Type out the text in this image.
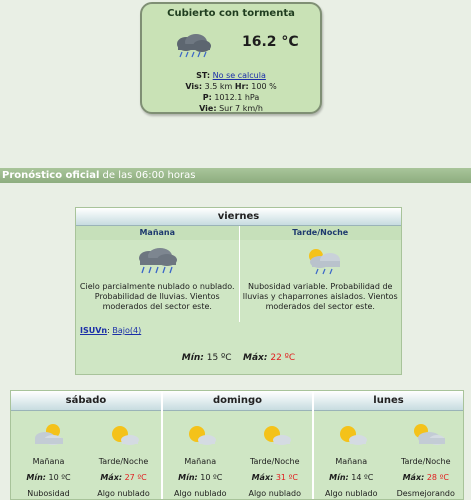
Cubierto con tormenta
16.2 °C
ST: No se calcula
Vis: 3.5 km Hr: 100 %
P: 1012.1 hPa
Vie: Sur 7 km/h
Pronóstico oficial de las 06:00 horas
viernes
Mañana
Cielo parcialmente nublado o nublado. Probabilidad de lluvias. Vientos moderados del sector este.
Tarde/Noche
Nubosidad variable. Probabilidad de lluvias y chaparrones aislados. Vientos moderados del sector este.
ISUVn: Bajo(4)
Mín: 15 ºC Máx: 22 ºC
sábado
Mañana
Mín: 10 ºC
Nubosidad
Tarde/Noche
Máx: 27 ºC
Algo nublado
domingo
Mañana
Mín: 10 ºC
Algo nublado
Tarde/Noche
Máx: 31 ºC
Algo nublado
lunes
Mañana
Mín: 14 ºC
Algo nublado
Tarde/Noche
Máx: 28 ºC
Desmejorando
